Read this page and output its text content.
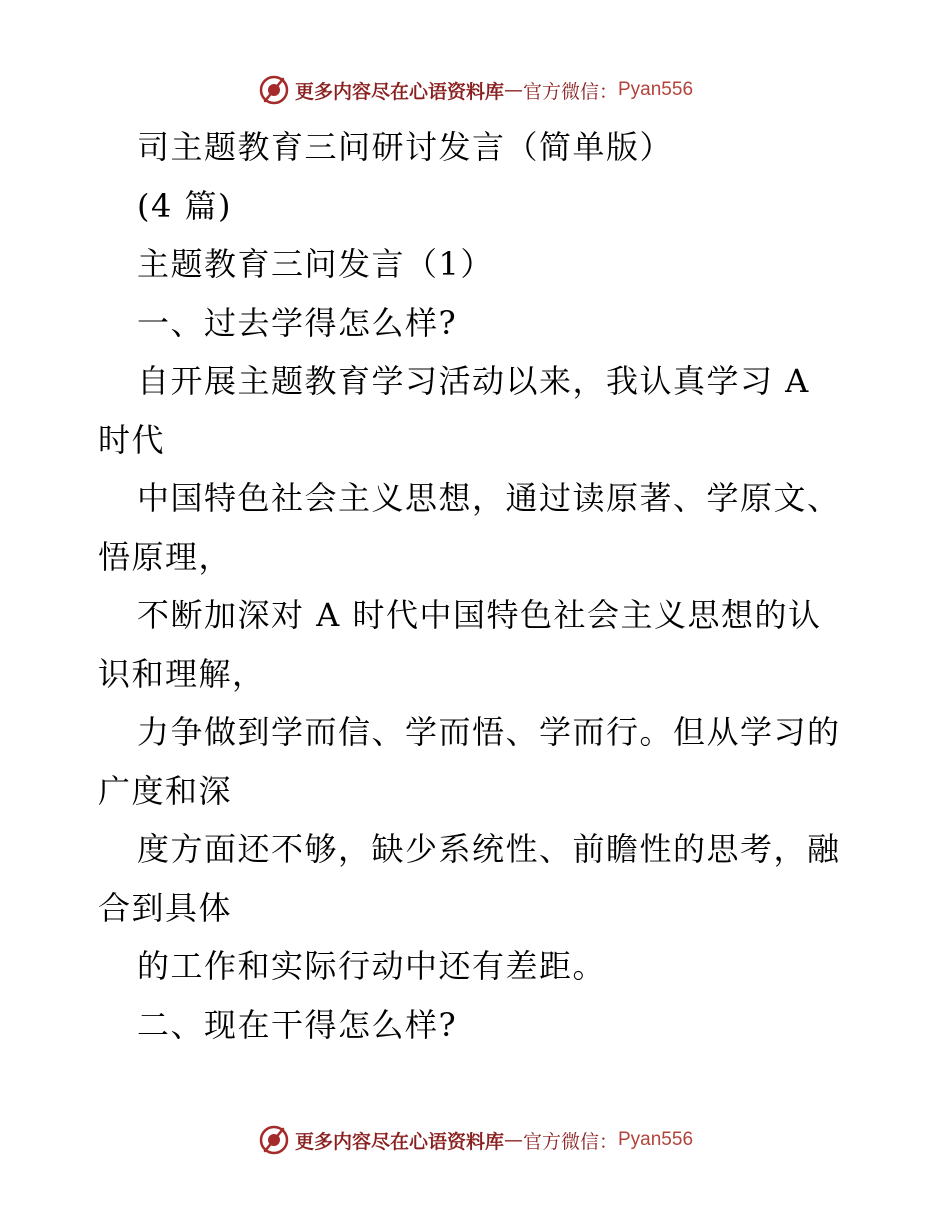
更多内容尽在心语资料库 — 官方微信： Pyan556
司主题教育三问研讨发言（简单版）
(4 篇)
主题教育三问发言（1）
一、过去学得怎么样?
自开展主题教育学习活动以来，我认真学习 A
时代
中国特色社会主义思想，通过读原著、学原文、
悟原理，
不断加深对 A 时代中国特色社会主义思想的认
识和理解，
力争做到学而信、学而悟、学而行。但从学习的
广度和深
度方面还不够，缺少系统性、前瞻性的思考，融
合到具体
的工作和实际行动中还有差距。
二、现在干得怎么样?
更多内容尽在心语资料库 — 官方微信： Pyan556
